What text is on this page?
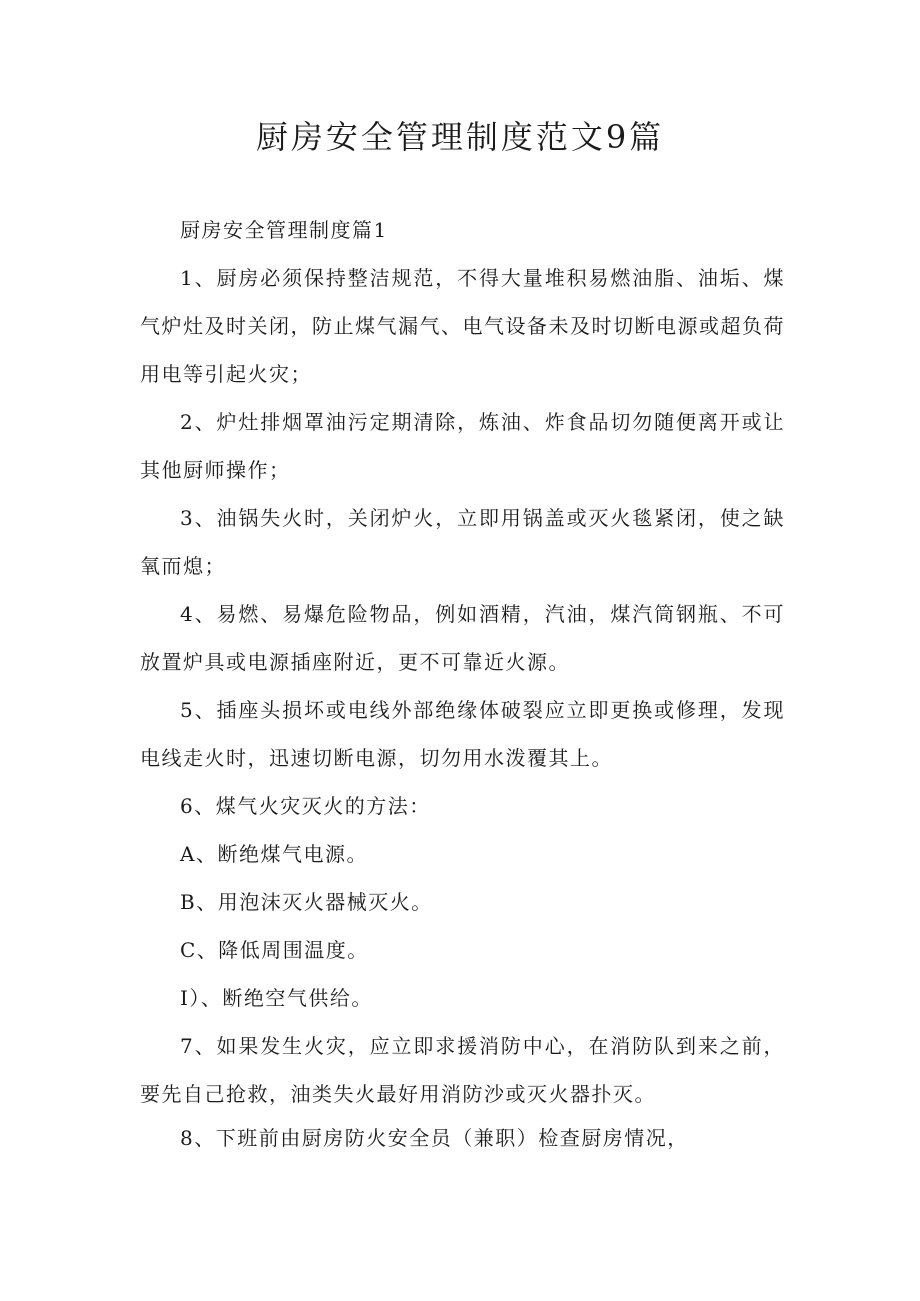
厨房安全管理制度范文9篇

厨房安全管理制度篇1

1、厨房必须保持整洁规范，不得大量堆积易燃油脂、油垢、煤气炉灶及时关闭，防止煤气漏气、电气设备未及时切断电源或超负荷用电等引起火灾；

2、炉灶排烟罩油污定期清除，炼油、炸食品切勿随便离开或让其他厨师操作；

3、油锅失火时，关闭炉火，立即用锅盖或灭火毯紧闭，使之缺氧而熄；

4、易燃、易爆危险物品，例如酒精，汽油，煤汽筒钢瓶、不可放置炉具或电源插座附近，更不可靠近火源。

5、插座头损坏或电线外部绝缘体破裂应立即更换或修理，发现电线走火时，迅速切断电源，切勿用水泼覆其上。

6、煤气火灾灭火的方法：

A、断绝煤气电源。

B、用泡沫灭火器械灭火。

C、降低周围温度。

I）、断绝空气供给。

7、如果发生火灾，应立即求援消防中心，在消防队到来之前，要先自己抢救，油类失火最好用消防沙或灭火器扑灭。

8、下班前由厨房防火安全员（兼职）检查厨房情况，
